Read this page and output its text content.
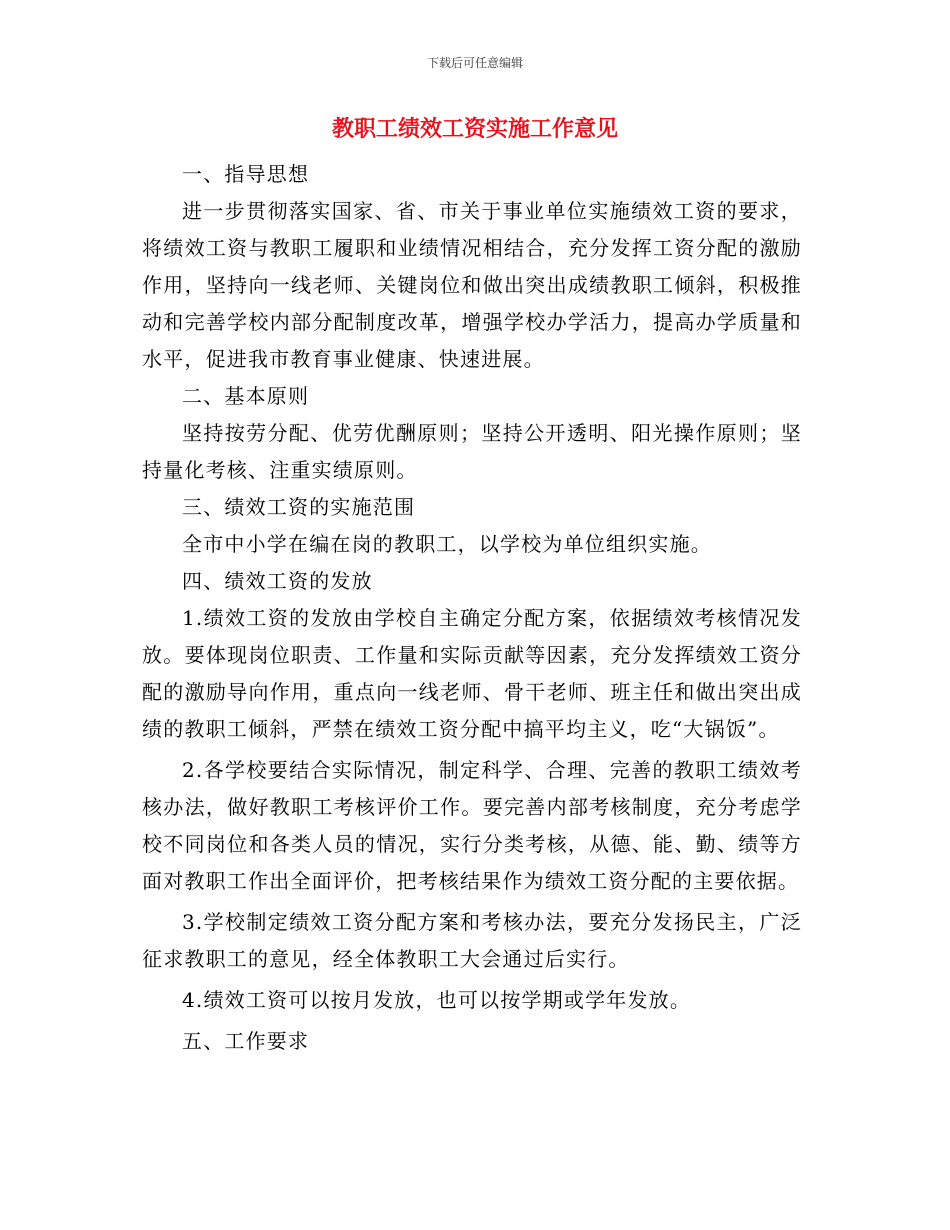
下载后可任意编辑
教职工绩效工资实施工作意见

一、指导思想

进一步贯彻落实国家、省、市关于事业单位实施绩效工资的要求，将绩效工资与教职工履职和业绩情况相结合，充分发挥工资分配的激励作用，坚持向一线老师、关键岗位和做出突出成绩教职工倾斜，积极推动和完善学校内部分配制度改革，增强学校办学活力，提高办学质量和水平，促进我市教育事业健康、快速进展。

二、基本原则

坚持按劳分配、优劳优酬原则；坚持公开透明、阳光操作原则；坚持量化考核、注重实绩原则。

三、绩效工资的实施范围

全市中小学在编在岗的教职工，以学校为单位组织实施。

四、绩效工资的发放

1.绩效工资的发放由学校自主确定分配方案，依据绩效考核情况发放。要体现岗位职责、工作量和实际贡献等因素，充分发挥绩效工资分配的激励导向作用，重点向一线老师、骨干老师、班主任和做出突出成绩的教职工倾斜，严禁在绩效工资分配中搞平均主义，吃“大锅饭”。

2.各学校要结合实际情况，制定科学、合理、完善的教职工绩效考核办法，做好教职工考核评价工作。要完善内部考核制度，充分考虑学校不同岗位和各类人员的情况，实行分类考核，从德、能、勤、绩等方面对教职工作出全面评价，把考核结果作为绩效工资分配的主要依据。

3.学校制定绩效工资分配方案和考核办法，要充分发扬民主，广泛征求教职工的意见，经全体教职工大会通过后实行。

4.绩效工资可以按月发放，也可以按学期或学年发放。

五、工作要求
